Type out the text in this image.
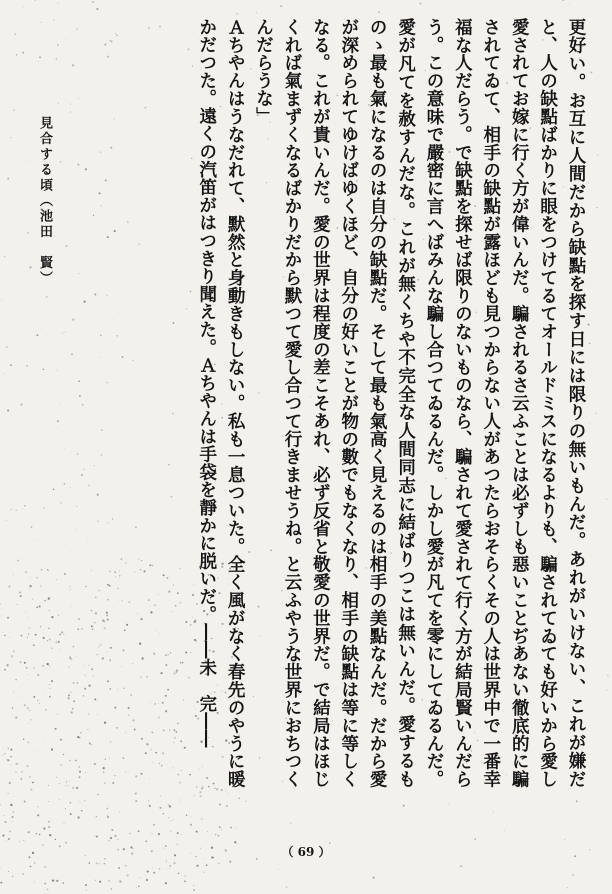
更好い。お互に人間だから缺點を探す日には限りの無いもんだ。あれがいけない、これが嫌だと、人の缺點ばかりに眼をつけてるてオールドミスになるよりも、騙されてゐても好いから愛し愛されてお嫁に行く方が偉いんだ。騙されるさ云ふことは必ずしも惡いことぢあない徹底的に騙されてゐて、相手の缺點が露ほども見つからない人があつたらおそらくその人は世界中で一番幸福な人だらう。で缺點を探せば限りのないものなら、騙されて愛されて行く方が結局賢いんだらう。この意味で嚴密に言へばみんな騙し合つてゐるんだ。しかし愛が凡てを零にしてゐるんだ。愛が凡てを赦すんだな。これが無くちや不完全な人間同志に結ばりつこは無いんだ。愛するものゝ最も氣になるのは自分の缺點だ。そして最も氣高く見えるのは相手の美點なんだ。だから愛が深められてゆけばゆくほど、自分の好いことが物の數でもなくなり、相手の缺點は等に等しくなる。これが貴いんだ。愛の世界は程度の差こそあれ、必ず反省と敬愛の世界だ。で結局はほじくれば氣まずくなるばかりだから默つて愛し合つて行きませうね。と云ふやうな世界におちつくんだらうな」

Ａちやんはうなだれて、默然と身動きもしない。私も一息ついた。全く風がなく春先のやうに暖かだつた。遠くの汽笛がはつきり聞えた。Ａちやんは手袋を靜かに脱いだ。――未　完――

見合する頃（池田　賢）
（ 69 ）
